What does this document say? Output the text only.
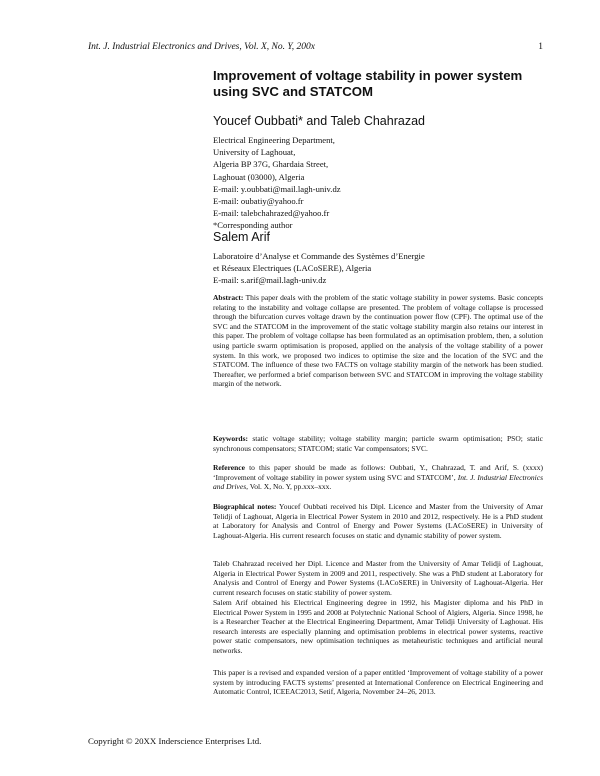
Int. J. Industrial Electronics and Drives, Vol. X, No. Y, 200x	1
Improvement of voltage stability in power system
using SVC and STATCOM

Youcef Oubbati* and Taleb Chahrazad

Electrical Engineering Department,
University of Laghouat,
Algeria BP 37G, Ghardaia Street,
Laghouat (03000), Algeria
E-mail: y.oubbati@mail.lagh-univ.dz
E-mail: oubatiy@yahoo.fr
E-mail: talebchahrazed@yahoo.fr
*Corresponding author

Salem Arif

Laboratoire d’Analyse et Commande des Systèmes d’Energie
et Réseaux Electriques (LACoSERE), Algeria
E-mail: s.arif@mail.lagh-univ.dz
Abstract: This paper deals with the problem of the static voltage stability in power systems. Basic concepts relating to the instability and voltage collapse are presented. The problem of voltage collapse is processed through the bifurcation curves voltage drawn by the continuation power flow (CPF). The optimal use of the SVC and the STATCOM in the improvement of the static voltage stability margin also retains our interest in this paper. The problem of voltage collapse has been formulated as an optimisation problem, then, a solution using particle swarm optimisation is proposed, applied on the analysis of the voltage stability of a power system. In this work, we proposed two indices to optimise the size and the location of the SVC and the STATCOM. The influence of these two FACTS on voltage stability margin of the network has been studied. Thereafter, we performed a brief comparison between SVC and STATCOM in improving the voltage stability margin of the network.
Keywords: static voltage stability; voltage stability margin; particle swarm optimisation; PSO; static synchronous compensators; STATCOM; static Var compensators; SVC.
Reference to this paper should be made as follows: Oubbati, Y., Chahrazad, T. and Arif, S. (xxxx) ‘Improvement of voltage stability in power system using SVC and STATCOM’, Int. J. Industrial Electronics and Drives, Vol. X, No. Y, pp.xxx–xxx.
Biographical notes: Youcef Oubbati received his Dipl. Licence and Master from the University of Amar Telidji of Laghouat, Algeria in Electrical Power System in 2010 and 2012, respectively. He is a PhD student at Laboratory for Analysis and Control of Energy and Power Systems (LACoSERE) in University of Laghouat-Algeria. His current research focuses on static and dynamic stability of power system.
Taleb Chahrazad received her Dipl. Licence and Master from the University of Amar Telidji of Laghouat, Algeria in Electrical Power System in 2009 and 2011, respectively. She was a PhD student at Laboratory for Analysis and Control of Energy and Power Systems (LACoSERE) in University of Laghouat-Algeria. Her current research focuses on static stability of power system.
Salem Arif obtained his Electrical Engineering degree in 1992, his Magister diploma and his PhD in Electrical Power System in 1995 and 2008 at Polytechnic National School of Algiers, Algeria. Since 1998, he is a Researcher Teacher at the Electrical Engineering Department, Amar Telidji University of Laghouat. His research interests are especially planning and optimisation problems in electrical power systems, reactive power static compensators, new optimisation techniques as metaheuristic techniques and artificial neural networks.
This paper is a revised and expanded version of a paper entitled ‘Improvement of voltage stability of a power system by introducing FACTS systems’ presented at International Conference on Electrical Engineering and Automatic Control, ICEEAC2013, Setif, Algeria, November 24–26, 2013.
Copyright © 20XX Inderscience Enterprises Ltd.
